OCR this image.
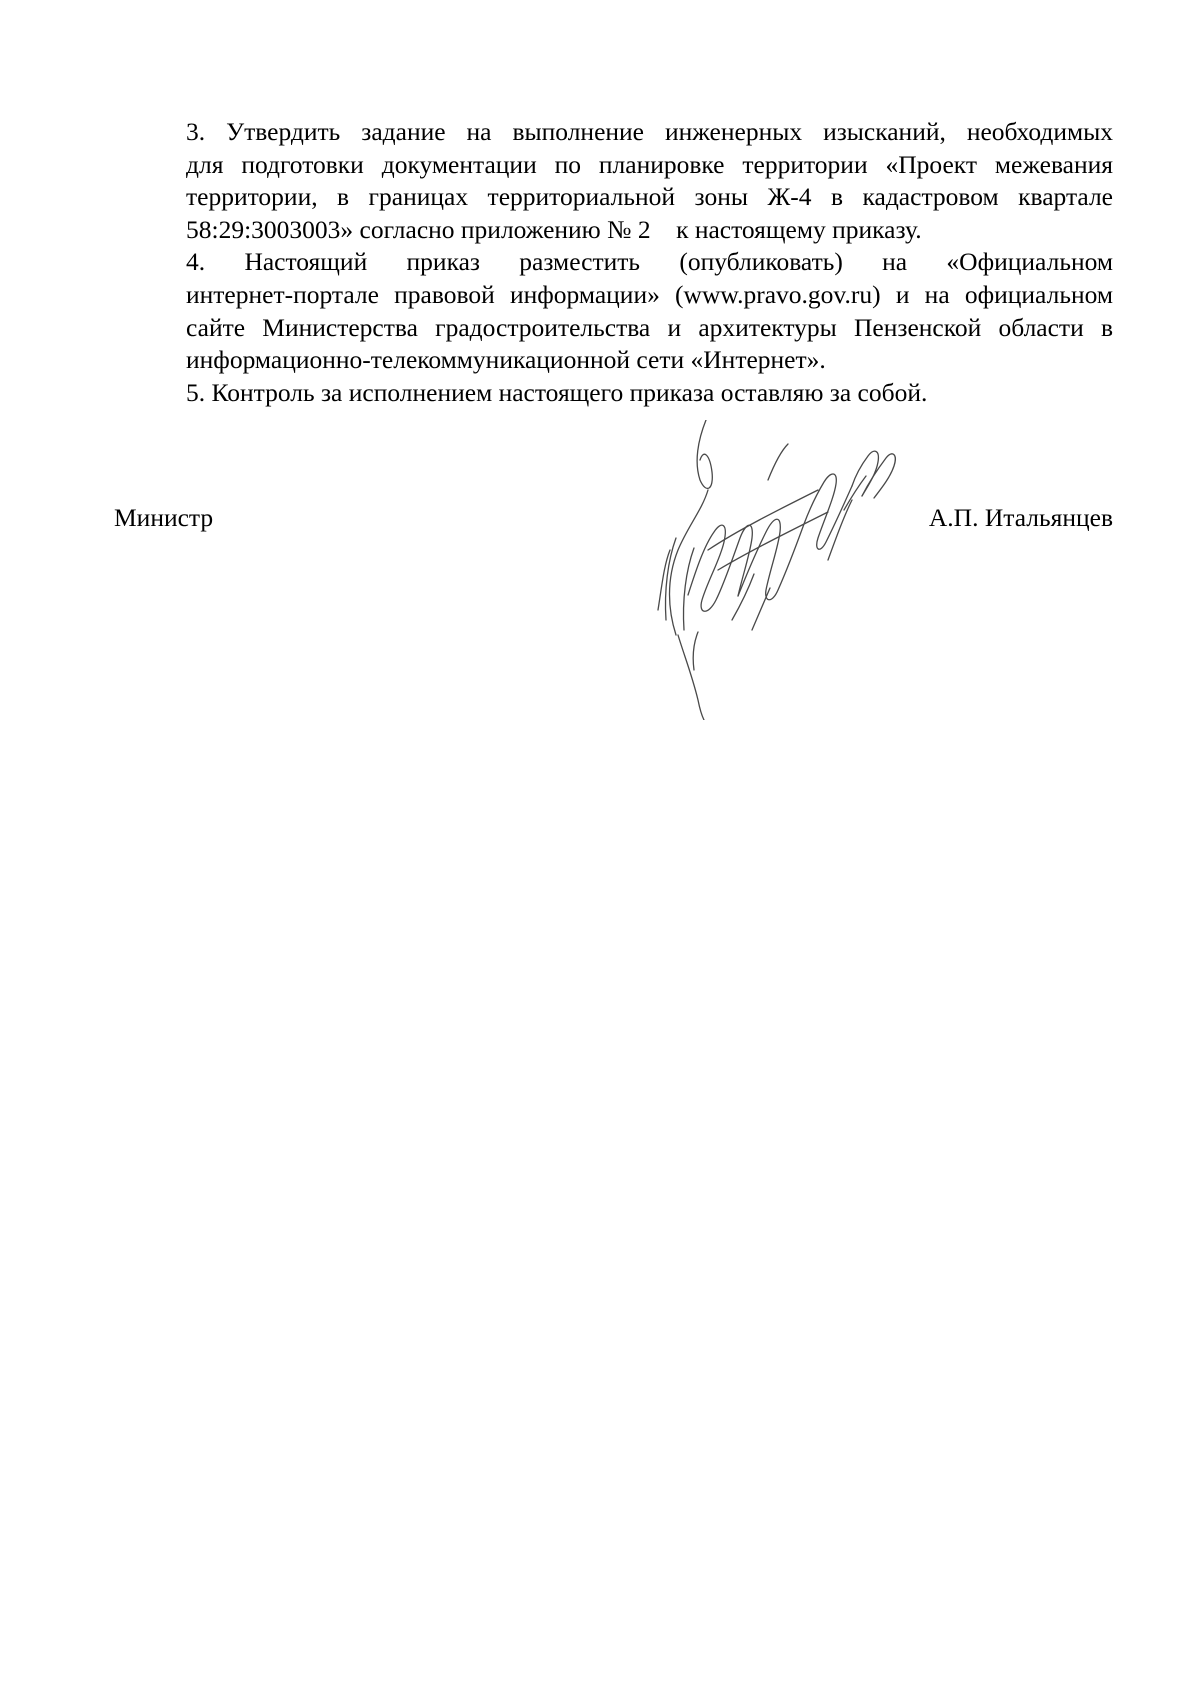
3. Утвердить задание на выполнение инженерных изысканий, необходимых
для подготовки документации по планировке территории «Проект межевания
территории, в границах территориальной зоны Ж-4 в кадастровом квартале
58:29:3003003» согласно приложению № 2    к настоящему приказу.
4. Настоящий приказ разместить (опубликовать) на «Официальном
интернет-портале правовой информации» (www.pravo.gov.ru) и на официальном
сайте Министерства градостроительства и архитектуры Пензенской области в
информационно-телекоммуникационной сети «Интернет».
5. Контроль за исполнением настоящего приказа оставляю за собой.
Министр	А.П. Итальянцев
